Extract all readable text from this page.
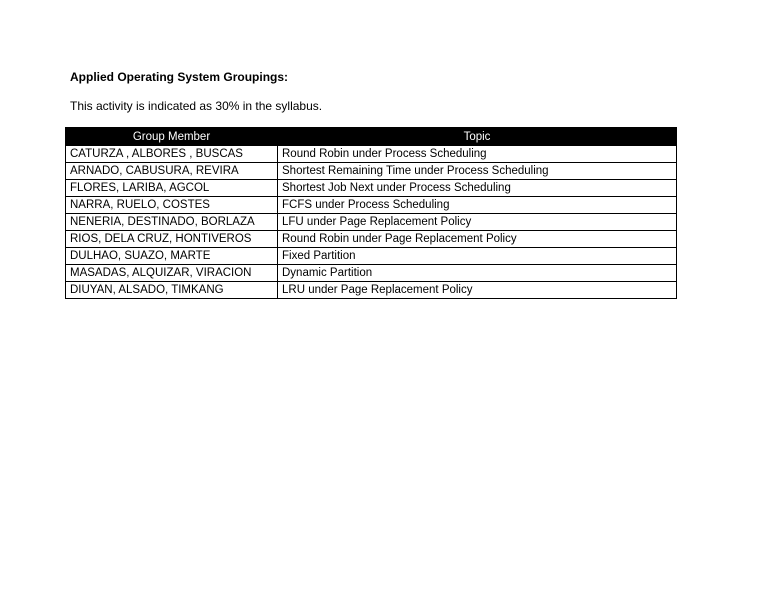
Applied Operating System Groupings:
This activity is indicated as 30% in the syllabus.
Group Member	Topic
CATURZA , ALBORES , BUSCAS	Round Robin under Process Scheduling
ARNADO, CABUSURA, REVIRA	Shortest Remaining Time under Process Scheduling
FLORES, LARIBA, AGCOL	Shortest Job Next under Process Scheduling
NARRA, RUELO, COSTES	FCFS under Process Scheduling
NENERIA, DESTINADO, BORLAZA	LFU under Page Replacement Policy
RIOS, DELA CRUZ, HONTIVEROS	Round Robin under Page Replacement Policy
DULHAO, SUAZO, MARTE	Fixed Partition
MASADAS, ALQUIZAR, VIRACION	Dynamic Partition
DIUYAN, ALSADO, TIMKANG	LRU under Page Replacement Policy
